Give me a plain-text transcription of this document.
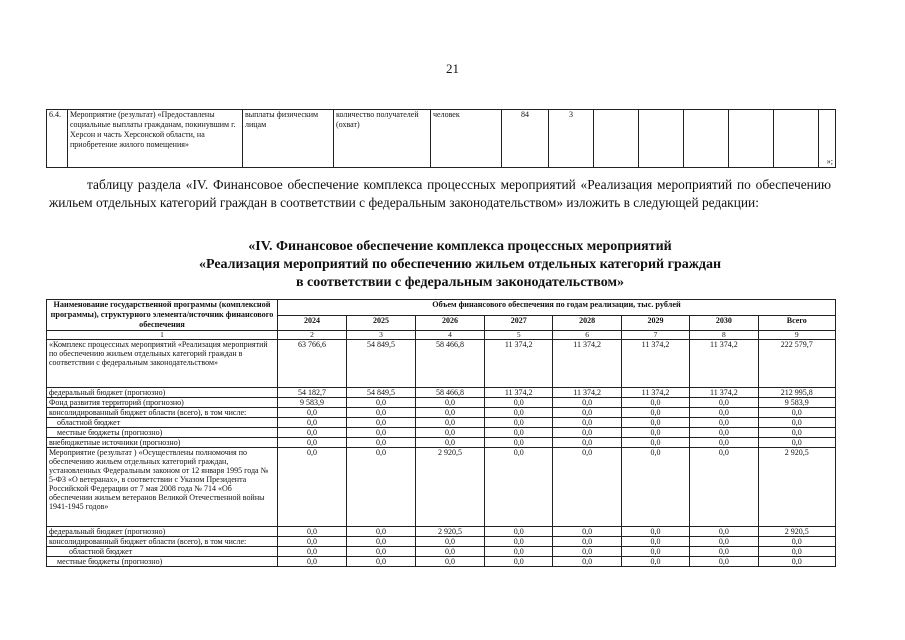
21
6.4.	Мероприятие (результат) «Предоставлены социальные выплаты гражданам, покинувшим г. Херсон и часть Херсонской области, на приобретение жилого помещения»	выплаты физическим лицам	количество получателей (охват)	человек	84	3						»;
таблицу раздела «IV. Финансовое обеспечение комплекса процессных мероприятий «Реализация мероприятий по обеспечению жильем отдельных категорий граждан в соответствии с федеральным законодательством» изложить в следующей редакции:
«IV. Финансовое обеспечение комплекса процессных мероприятий
«Реализация мероприятий по обеспечению жильем отдельных категорий граждан
в соответствии с федеральным законодательством»
Наименование государственной программы (комплексной программы), структурного элемента/источник финансового обеспечения	Объем финансового обеспечения по годам реализации, тыс. рублей							
	2024	2025	2026	2027	2028	2029	2030	Всего
1	2	3	4	5	6	7	8	9
«Комплекс процессных мероприятий «Реализация мероприятий по обеспечению жильем отдельных категорий граждан в соответствии с федеральным законодательством»	63 766,6	54 849,5	58 466,8	11 374,2	11 374,2	11 374,2	11 374,2	222 579,7
федеральный бюджет (прогнозно)	54 182,7	54 849,5	58 466,8	11 374,2	11 374,2	11 374,2	11 374,2	212 995,8
Фонд развития территорий (прогнозно)	9 583,9	0,0	0,0	0,0	0,0	0,0	0,0	9 583,9
консолидированный бюджет области (всего), в том числе:	0,0	0,0	0,0	0,0	0,0	0,0	0,0	0,0
областной бюджет	0,0	0,0	0,0	0,0	0,0	0,0	0,0	0,0
местные бюджеты (прогнозно)	0,0	0,0	0,0	0,0	0,0	0,0	0,0	0,0
внебюджетные источники (прогнозно)	0,0	0,0	0,0	0,0	0,0	0,0	0,0	0,0
Мероприятие (результат ) «Осуществлены полномочия по обеспечению жильем отдельных категорий граждан, установленных Федеральным законом от 12 января 1995 года № 5-ФЗ «О ветеранах», в соответствии с Указом Президента Российской Федерации от 7 мая 2008 года № 714 «Об обеспечении жильем ветеранов Великой Отечественной войны 1941-1945 годов»	0,0	0,0	2 920,5	0,0	0,0	0,0	0,0	2 920,5
федеральный бюджет (прогнозно)	0,0	0,0	2 920,5	0,0	0,0	0,0	0,0	2 920,5
консолидированный бюджет области (всего), в том числе:	0,0	0,0	0,0	0,0	0,0	0,0	0,0	0,0
областной бюджет	0,0	0,0	0,0	0,0	0,0	0,0	0,0	0,0
местные бюджеты (прогнозно)	0,0	0,0	0,0	0,0	0,0	0,0	0,0	0,0
